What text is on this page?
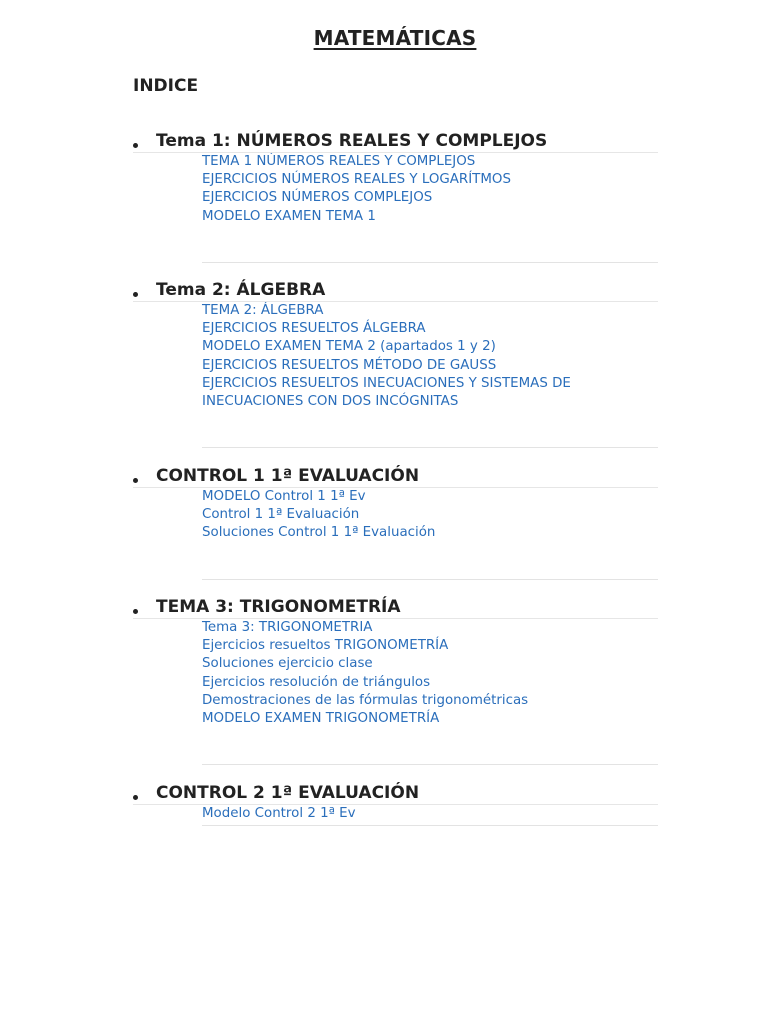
MATEMÁTICAS
INDICE
Tema 1: NÚMEROS REALES Y COMPLEJOS
TEMA 1 NÚMEROS REALES Y COMPLEJOS
EJERCICIOS NÚMEROS REALES Y LOGARÍTMOS
EJERCICIOS NÚMEROS COMPLEJOS
MODELO EXAMEN TEMA 1
Tema 2: ÁLGEBRA
TEMA 2: ÁLGEBRA
EJERCICIOS RESUELTOS ÁLGEBRA
MODELO EXAMEN TEMA 2 (apartados 1 y 2)
EJERCICIOS RESUELTOS MÉTODO DE GAUSS
EJERCICIOS RESUELTOS INECUACIONES Y SISTEMAS DE INECUACIONES CON DOS INCÓGNITAS
CONTROL 1 1ª EVALUACIÓN
MODELO Control 1 1ª Ev
Control 1 1ª Evaluación
Soluciones Control 1 1ª Evaluación
TEMA 3: TRIGONOMETRÍA
Tema 3: TRIGONOMETRIA
Ejercicios resueltos TRIGONOMETRÍA
Soluciones ejercicio clase
Ejercicios resolución de triángulos
Demostraciones de las fórmulas trigonométricas
MODELO EXAMEN TRIGONOMETRÍA
CONTROL 2 1ª EVALUACIÓN
Modelo Control 2 1ª Ev
